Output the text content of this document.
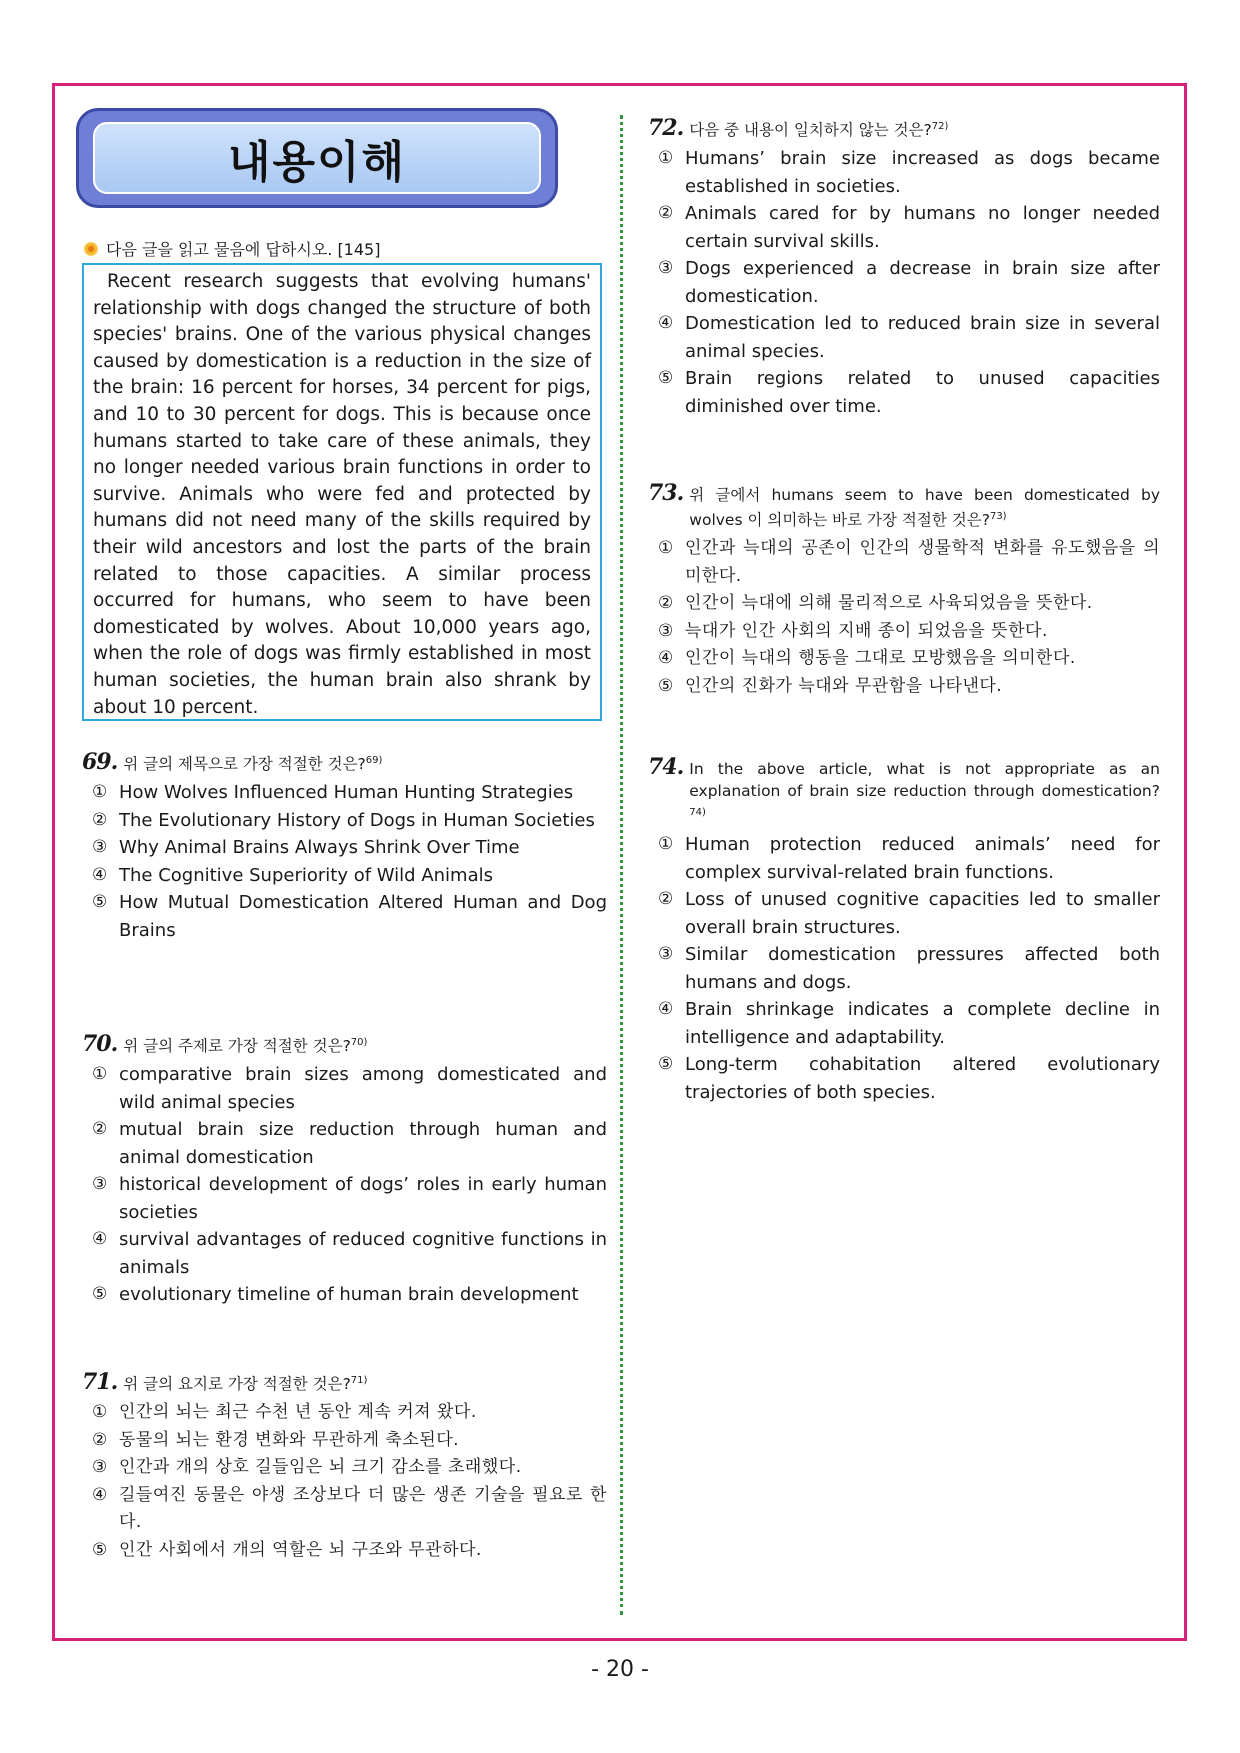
내용이해
다음 글을 읽고 물음에 답하시오. [145]
Recent research suggests that evolving humans' relationship with dogs changed the structure of both species' brains. One of the various physical changes caused by domestication is a reduction in the size of the brain: 16 percent for horses, 34 percent for pigs, and 10 to 30 percent for dogs. This is because once humans started to take care of these animals, they no longer needed various brain functions in order to survive. Animals who were fed and protected by humans did not need many of the skills required by their wild ancestors and lost the parts of the brain related to those capacities. A similar process occurred for humans, who seem to have been domesticated by wolves. About 10,000 years ago, when the role of dogs was firmly established in most human societies, the human brain also shrank by about 10 percent.
69. 위 글의 제목으로 가장 적절한 것은?$^{69)}$
① How Wolves Influenced Human Hunting Strategies
② The Evolutionary History of Dogs in Human Societies
③ Why Animal Brains Always Shrink Over Time
④ The Cognitive Superiority of Wild Animals
⑤ How Mutual Domestication Altered Human and Dog Brains
70. 위 글의 주제로 가장 적절한 것은?$^{70)}$
① comparative brain sizes among domesticated and wild animal species
② mutual brain size reduction through human and animal domestication
③ historical development of dogs’ roles in early human societies
④ survival advantages of reduced cognitive functions in animals
⑤ evolutionary timeline of human brain development
71. 위 글의 요지로 가장 적절한 것은?$^{71)}$
① 인간의 뇌는 최근 수천 년 동안 계속 커져 왔다.
② 동물의 뇌는 환경 변화와 무관하게 축소된다.
③ 인간과 개의 상호 길들임은 뇌 크기 감소를 초래했다.
④ 길들여진 동물은 야생 조상보다 더 많은 생존 기술을 필요로 한다.
⑤ 인간 사회에서 개의 역할은 뇌 구조와 무관하다.
72. 다음 중 내용이 일치하지 않는 것은?$^{72)}$
① Humans’ brain size increased as dogs became established in societies.
② Animals cared for by humans no longer needed certain survival skills.
③ Dogs experienced a decrease in brain size after domestication.
④ Domestication led to reduced brain size in several animal species.
⑤ Brain regions related to unused capacities diminished over time.
73. 위 글에서 humans seem to have been domesticated by wolves 이 의미하는 바로 가장 적절한 것은?$^{73)}$
① 인간과 늑대의 공존이 인간의 생물학적 변화를 유도했음을 의미한다.
② 인간이 늑대에 의해 물리적으로 사육되었음을 뜻한다.
③ 늑대가 인간 사회의 지배 종이 되었음을 뜻한다.
④ 인간이 늑대의 행동을 그대로 모방했음을 의미한다.
⑤ 인간의 진화가 늑대와 무관함을 나타낸다.
74. In the above article, what is not appropriate as an explanation of brain size reduction through domestication?$^{74)}$
① Human protection reduced animals’ need for complex survival-related brain functions.
② Loss of unused cognitive capacities led to smaller overall brain structures.
③ Similar domestication pressures affected both humans and dogs.
④ Brain shrinkage indicates a complete decline in intelligence and adaptability.
⑤ Long-term cohabitation altered evolutionary trajectories of both species.
- 20 -
